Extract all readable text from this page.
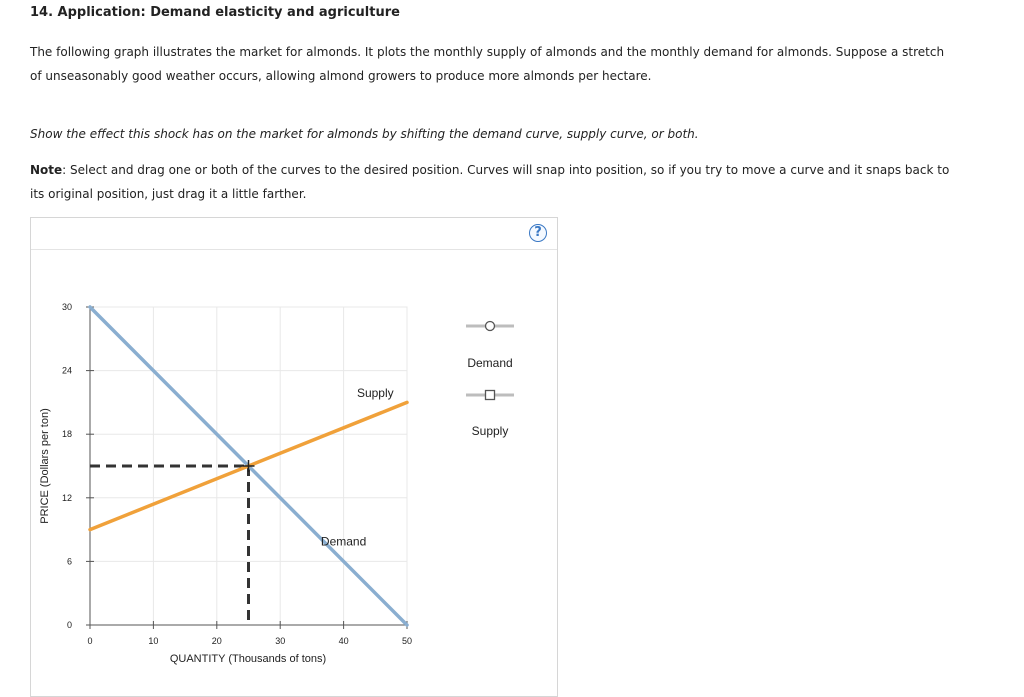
14. Application: Demand elasticity and agriculture

The following graph illustrates the market for almonds. It plots the monthly supply of almonds and the monthly demand for almonds. Suppose a stretch of unseasonably good weather occurs, allowing almond growers to produce more almonds per hectare.

Show the effect this shock has on the market for almonds by shifting the demand curve, supply curve, or both.

Note: Select and drag one or both of the curves to the desired position. Curves will snap into position, so if you try to move a curve and it snaps back to its original position, just drag it a little farther.

?
0	10	20	30	40	50
0
6
12
18
24
30
Demand
Supply
QUANTITY (Thousands of tons)
PRICE (Dollars per ton)
Demand
Supply
